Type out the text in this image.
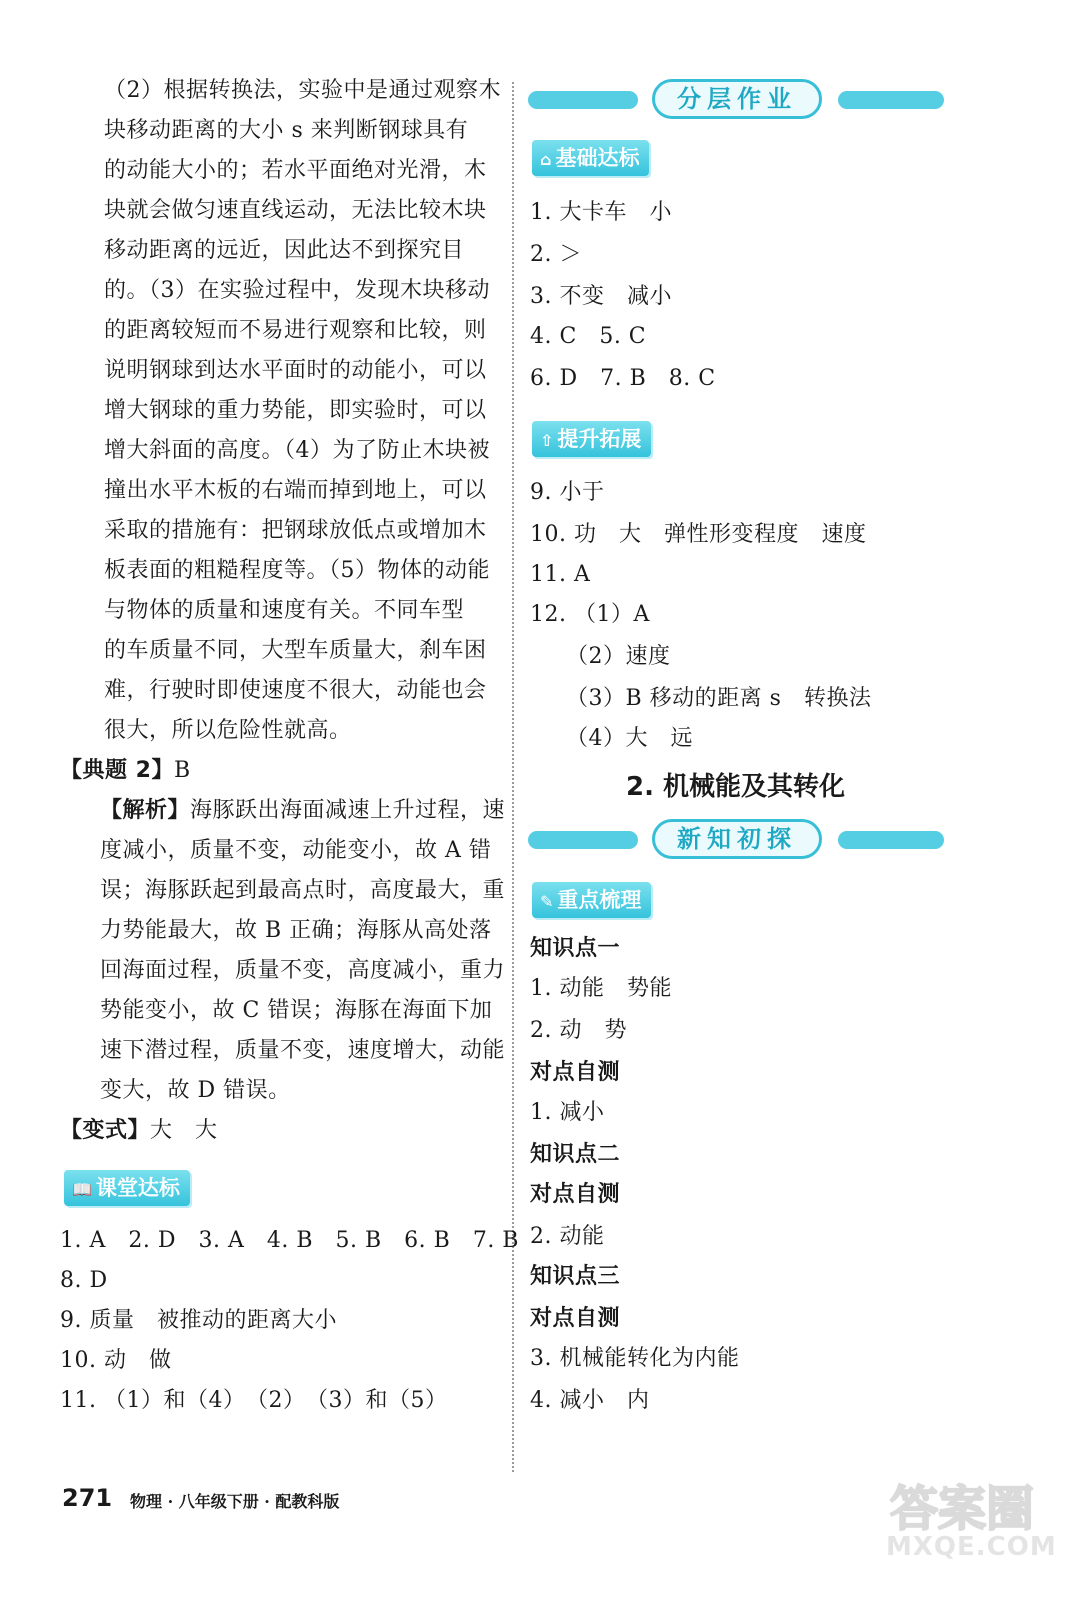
（2）根据转换法，实验中是通过观察木
块移动距离的大小 s 来判断钢球具有
的动能大小的；若水平面绝对光滑，木
块就会做匀速直线运动，无法比较木块
移动距离的远近，因此达不到探究目
的。（3）在实验过程中，发现木块移动
的距离较短而不易进行观察和比较，则
说明钢球到达水平面时的动能小，可以
增大钢球的重力势能，即实验时，可以
增大斜面的高度。（4）为了防止木块被
撞出水平木板的右端而掉到地上，可以
采取的措施有：把钢球放低点或增加木
板表面的粗糙程度等。（5）物体的动能
与物体的质量和速度有关。不同车型
的车质量不同，大型车质量大，刹车困
难，行驶时即使速度不很大，动能也会
很大，所以危险性就高。
【典题 2】B
【解析】海豚跃出海面减速上升过程，速
度减小，质量不变，动能变小，故 A 错
误；海豚跃起到最高点时，高度最大，重
力势能最大，故 B 正确；海豚从高处落
回海面过程，质量不变，高度减小，重力
势能变小，故 C 错误；海豚在海面下加
速下潜过程，质量不变，速度增大，动能
变大，故 D 错误。
【变式】大　大
📖 课堂达标
1. A　2. D　3. A　4. B　5. B　6. B　7. B
8. D
9. 质量　被推动的距离大小
10. 动　做
11. （1）和（4）　（2）　（3）和（5）
分层作业
⌂ 基础达标
1. 大卡车　小
2. ＞
3. 不变　减小
4. C　5. C
6. D　7. B　8. C
⇧ 提升拓展
9. 小于
10. 功　大　弹性形变程度　速度
11. A
12. （1）A
（2）速度
（3）B 移动的距离 s　转换法
（4）大　远
2. 机械能及其转化
新知初探
✎ 重点梳理
知识点一
1. 动能　势能
2. 动　势
对点自测
1. 减小
知识点二
对点自测
2. 动能
知识点三
对点自测
3. 机械能转化为内能
4. 减小　内
271 物理 · 八年级下册 · 配教科版	答案圈
MXQE.COM
